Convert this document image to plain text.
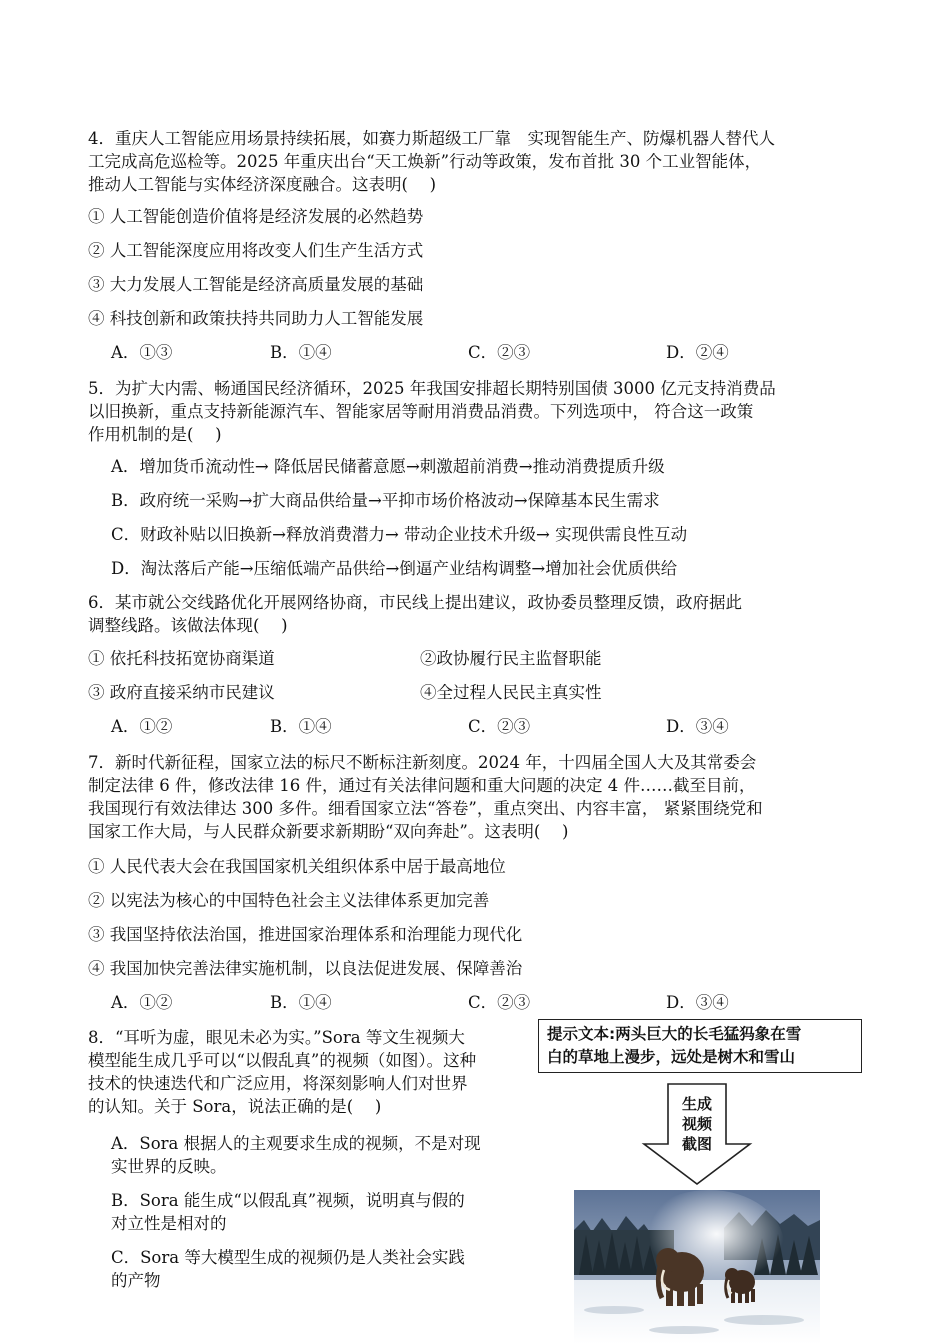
4．重庆人工智能应用场景持续拓展，如赛力斯超级工厂靠　实现智能生产、防爆机器人替代人
工完成高危巡检等。2025 年重庆出台“天工焕新”行动等政策，发布首批 30 个工业智能体，
推动人工智能与实体经济深度融合。这表明(　 )
① 人工智能创造价值将是经济发展的必然趋势
② 人工智能深度应用将改变人们生产生活方式
③ 大力发展人工智能是经济高质量发展的基础
④ 科技创新和政策扶持共同助力人工智能发展
A．①③	B．①④	C．②③	D．②④
5．为扩大内需、畅通国民经济循环，2025 年我国安排超长期特别国债 3000 亿元支持消费品
以旧换新，重点支持新能源汽车、智能家居等耐用消费品消费。下列选项中， 符合这一政策
作用机制的是(　 )
A．增加货币流动性→ 降低居民储蓄意愿→刺激超前消费→推动消费提质升级
B．政府统一采购→扩大商品供给量→平抑市场价格波动→保障基本民生需求
C．财政补贴以旧换新→释放消费潜力→ 带动企业技术升级→ 实现供需良性互动
D．淘汰落后产能→压缩低端产品供给→倒逼产业结构调整→增加社会优质供给
6．某市就公交线路优化开展网络协商，市民线上提出建议，政协委员整理反馈，政府据此
调整线路。该做法体现(　 )
① 依托科技拓宽协商渠道	②政协履行民主监督职能
③ 政府直接采纳市民建议	④全过程人民民主真实性
A．①②	B．①④	C．②③	D．③④
7．新时代新征程，国家立法的标尺不断标注新刻度。2024 年，十四届全国人大及其常委会
制定法律 6 件，修改法律 16 件，通过有关法律问题和重大问题的决定 4 件……截至目前，
我国现行有效法律达 300 多件。细看国家立法“答卷”，重点突出、内容丰富， 紧紧围绕党和
国家工作大局，与人民群众新要求新期盼“双向奔赴”。这表明(　 )
① 人民代表大会在我国国家机关组织体系中居于最高地位
② 以宪法为核心的中国特色社会主义法律体系更加完善
③ 我国坚持依法治国，推进国家治理体系和治理能力现代化
④ 我国加快完善法律实施机制，以良法促进发展、保障善治
A．①②	B．①④	C．②③	D．③④
8．“耳听为虚，眼见未必为实。”Sora 等文生视频大
模型能生成几乎可以“以假乱真”的视频（如图）。这种
技术的快速迭代和广泛应用，将深刻影响人们对世界
的认知。关于 Sora，说法正确的是(　 )
A．Sora 根据人的主观要求生成的视频，不是对现
实世界的反映。
B．Sora 能生成“以假乱真”视频，说明真与假的
对立性是相对的
C．Sora 等大模型生成的视频仍是人类社会实践
的产物
提示文本:两头巨大的长毛猛犸象在雪
白的草地上漫步，远处是树木和雪山
生成
视频
截图
